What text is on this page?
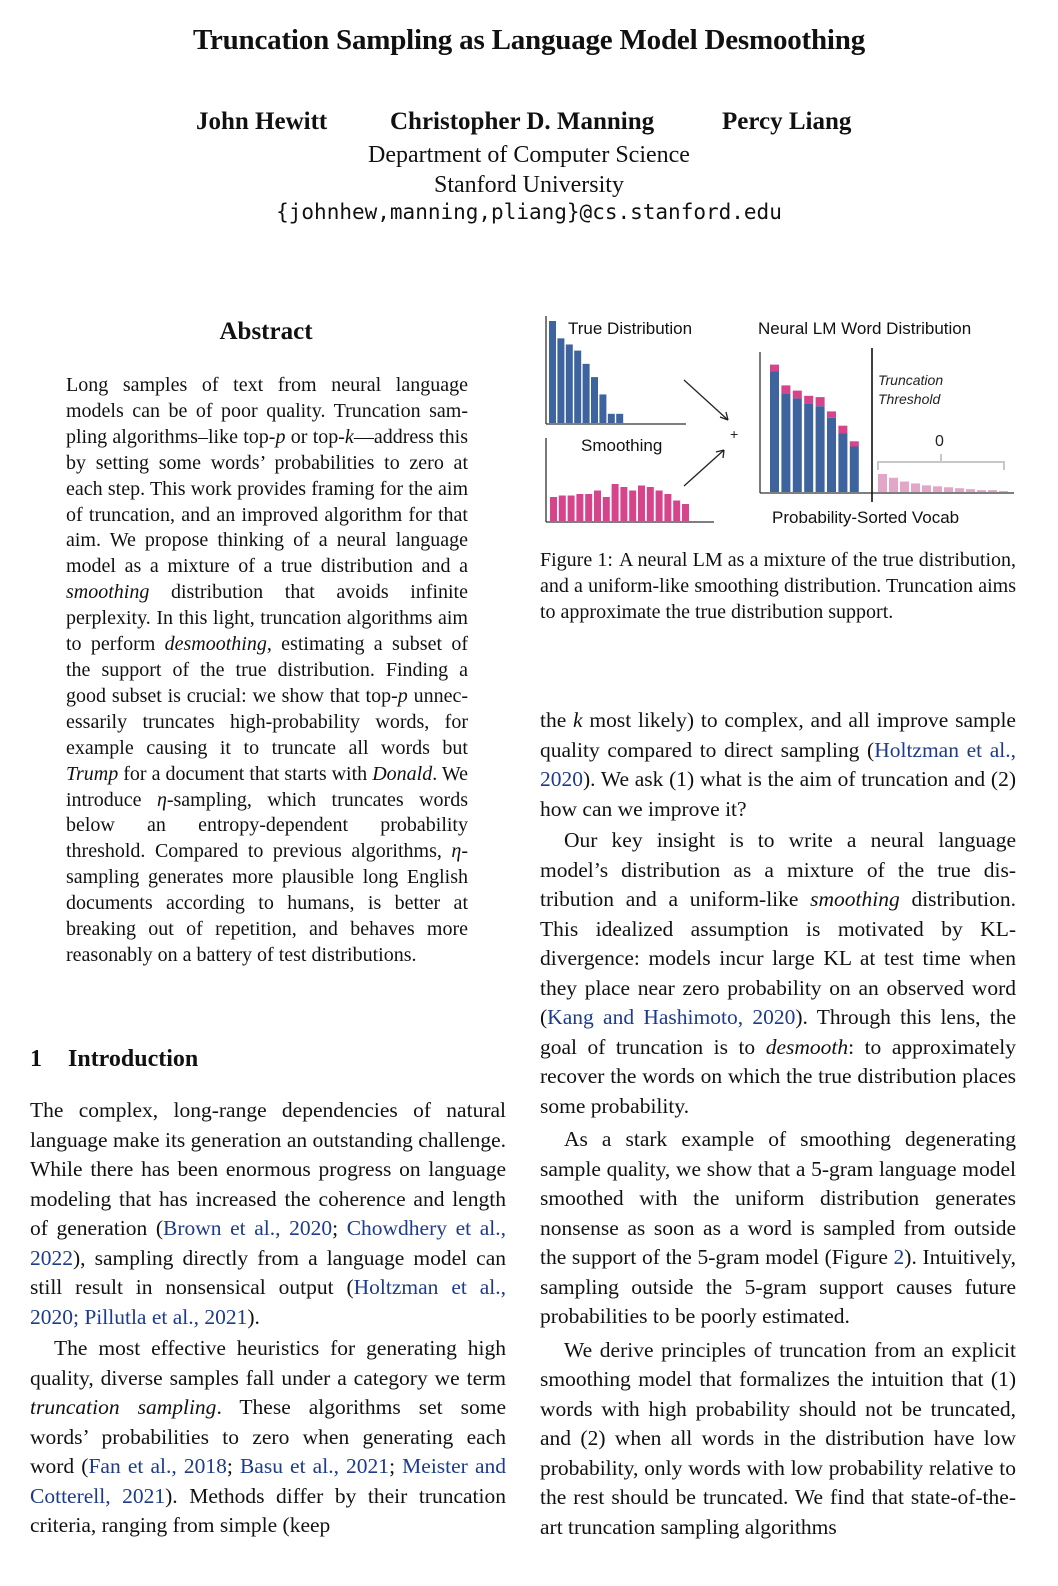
Truncation Sampling as Language Model Desmoothing
John Hewitt	Christopher D. Manning	Percy Liang
Department of Computer Science
Stanford University
{johnhew,manning,pliang}@cs.stanford.edu
Abstract

Long samples of text from neural language models can be of poor quality. Truncation sampling algorithms–like top-p or top-k—address this by setting some words’ probabilities to zero at each step. This work provides framing for the aim of truncation, and an improved algorithm for that aim. We propose thinking of a neural language model as a mixture of a true distribution and a smoothing distribution that avoids infinite perplexity. In this light, truncation algorithms aim to perform desmoothing, estimating a subset of the support of the true distribution. Finding a good subset is crucial: we show that top-p unnecessarily truncates high-probability words, for example causing it to truncate all words but Trump for a document that starts with Donald. We introduce η-sampling, which truncates words below an entropy-dependent probability threshold. Compared to previous algorithms, η-sampling generates more plausible long English documents according to humans, is better at breaking out of repetition, and behaves more reasonably on a battery of test distributions.

1 Introduction

The complex, long-range dependencies of natural language make its generation an outstanding challenge. While there has been enormous progress on language modeling that has increased the coherence and length of generation (Brown et al., 2020; Chowdhery et al., 2022), sampling directly from a language model can still result in nonsensical output (Holtzman et al., 2020; Pillutla et al., 2021).

The most effective heuristics for generating high quality, diverse samples fall under a category we term truncation sampling. These algorithms set some words’ probabilities to zero when generating each word (Fan et al., 2018; Basu et al., 2021; Meister and Cotterell, 2021). Methods differ by their truncation criteria, ranging from simple (keep

True Distribution
Smoothing
Neural LM Word Distribution
Truncation
Threshold
0
+
Probability-Sorted Vocab

Figure 1: A neural LM as a mixture of the true distribution, and a uniform-like smoothing distribution. Truncation aims to approximate the true distribution support.

the k most likely) to complex, and all improve sample quality compared to direct sampling (Holtzman et al., 2020). We ask (1) what is the aim of truncation and (2) how can we improve it?

Our key insight is to write a neural language model’s distribution as a mixture of the true distribution and a uniform-like smoothing distribution. This idealized assumption is motivated by KL-divergence: models incur large KL at test time when they place near zero probability on an observed word (Kang and Hashimoto, 2020). Through this lens, the goal of truncation is to desmooth: to approximately recover the words on which the true distribution places some probability.

As a stark example of smoothing degenerating sample quality, we show that a 5-gram language model smoothed with the uniform distribution generates nonsense as soon as a word is sampled from outside the support of the 5-gram model (Figure 2). Intuitively, sampling outside the 5-gram support causes future probabilities to be poorly estimated.

We derive principles of truncation from an explicit smoothing model that formalizes the intuition that (1) words with high probability should not be truncated, and (2) when all words in the distribution have low probability, only words with low probability relative to the rest should be truncated. We find that state-of-the-art truncation sampling algorithms
